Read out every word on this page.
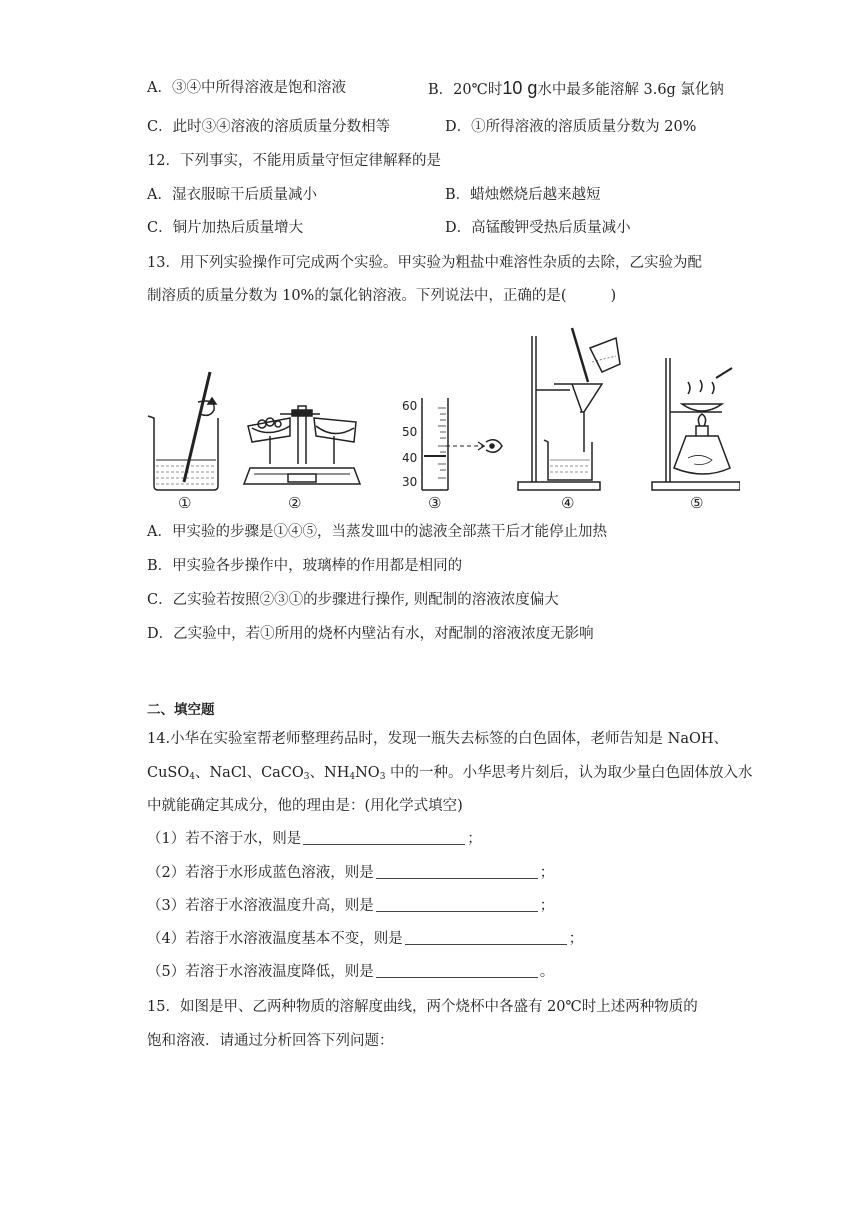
A．③④中所得溶液是饱和溶液	B．20℃时10 g水中最多能溶解 3.6g 氯化钠
C．此时③④溶液的溶质质量分数相等	D．①所得溶液的溶质质量分数为 20%
12．下列事实，不能用质量守恒定律解释的是
A．湿衣服晾干后质量减小	B．蜡烛燃烧后越来越短
C．铜片加热后质量增大	D．高锰酸钾受热后质量减小
13．用下列实验操作可完成两个实验。甲实验为粗盐中难溶性杂质的去除，乙实验为配
制溶质的质量分数为 10%的氯化钠溶液。下列说法中，正确的是(	)
60
50
40
30
①	②	③	④	⑤
A．甲实验的步骤是①④⑤，当蒸发皿中的滤液全部蒸干后才能停止加热
B．甲实验各步操作中，玻璃棒的作用都是相同的
C．乙实验若按照②③①的步骤进行操作, 则配制的溶液浓度偏大
D．乙实验中，若①所用的烧杯内壁沾有水，对配制的溶液浓度无影响
二、填空题
14.小华在实验室帮老师整理药品时，发现一瓶失去标签的白色固体，老师告知是 NaOH、
CuSO$_4$、NaCl、CaCO$_3$、$NH_4NO_3$ 中的一种。小华思考片刻后，认为取少量白色固体放入水
中就能确定其成分，他的理由是：(用化学式填空)
（1）若不溶于水，则是	；
（2）若溶于水形成蓝色溶液，则是	；
（3）若溶于水溶液温度升高，则是	；
（4）若溶于水溶液温度基本不变，则是	；
（5）若溶于水溶液温度降低，则是	。
15．如图是甲、乙两种物质的溶解度曲线，两个烧杯中各盛有 20℃时上述两种物质的
饱和溶液．请通过分析回答下列问题：
